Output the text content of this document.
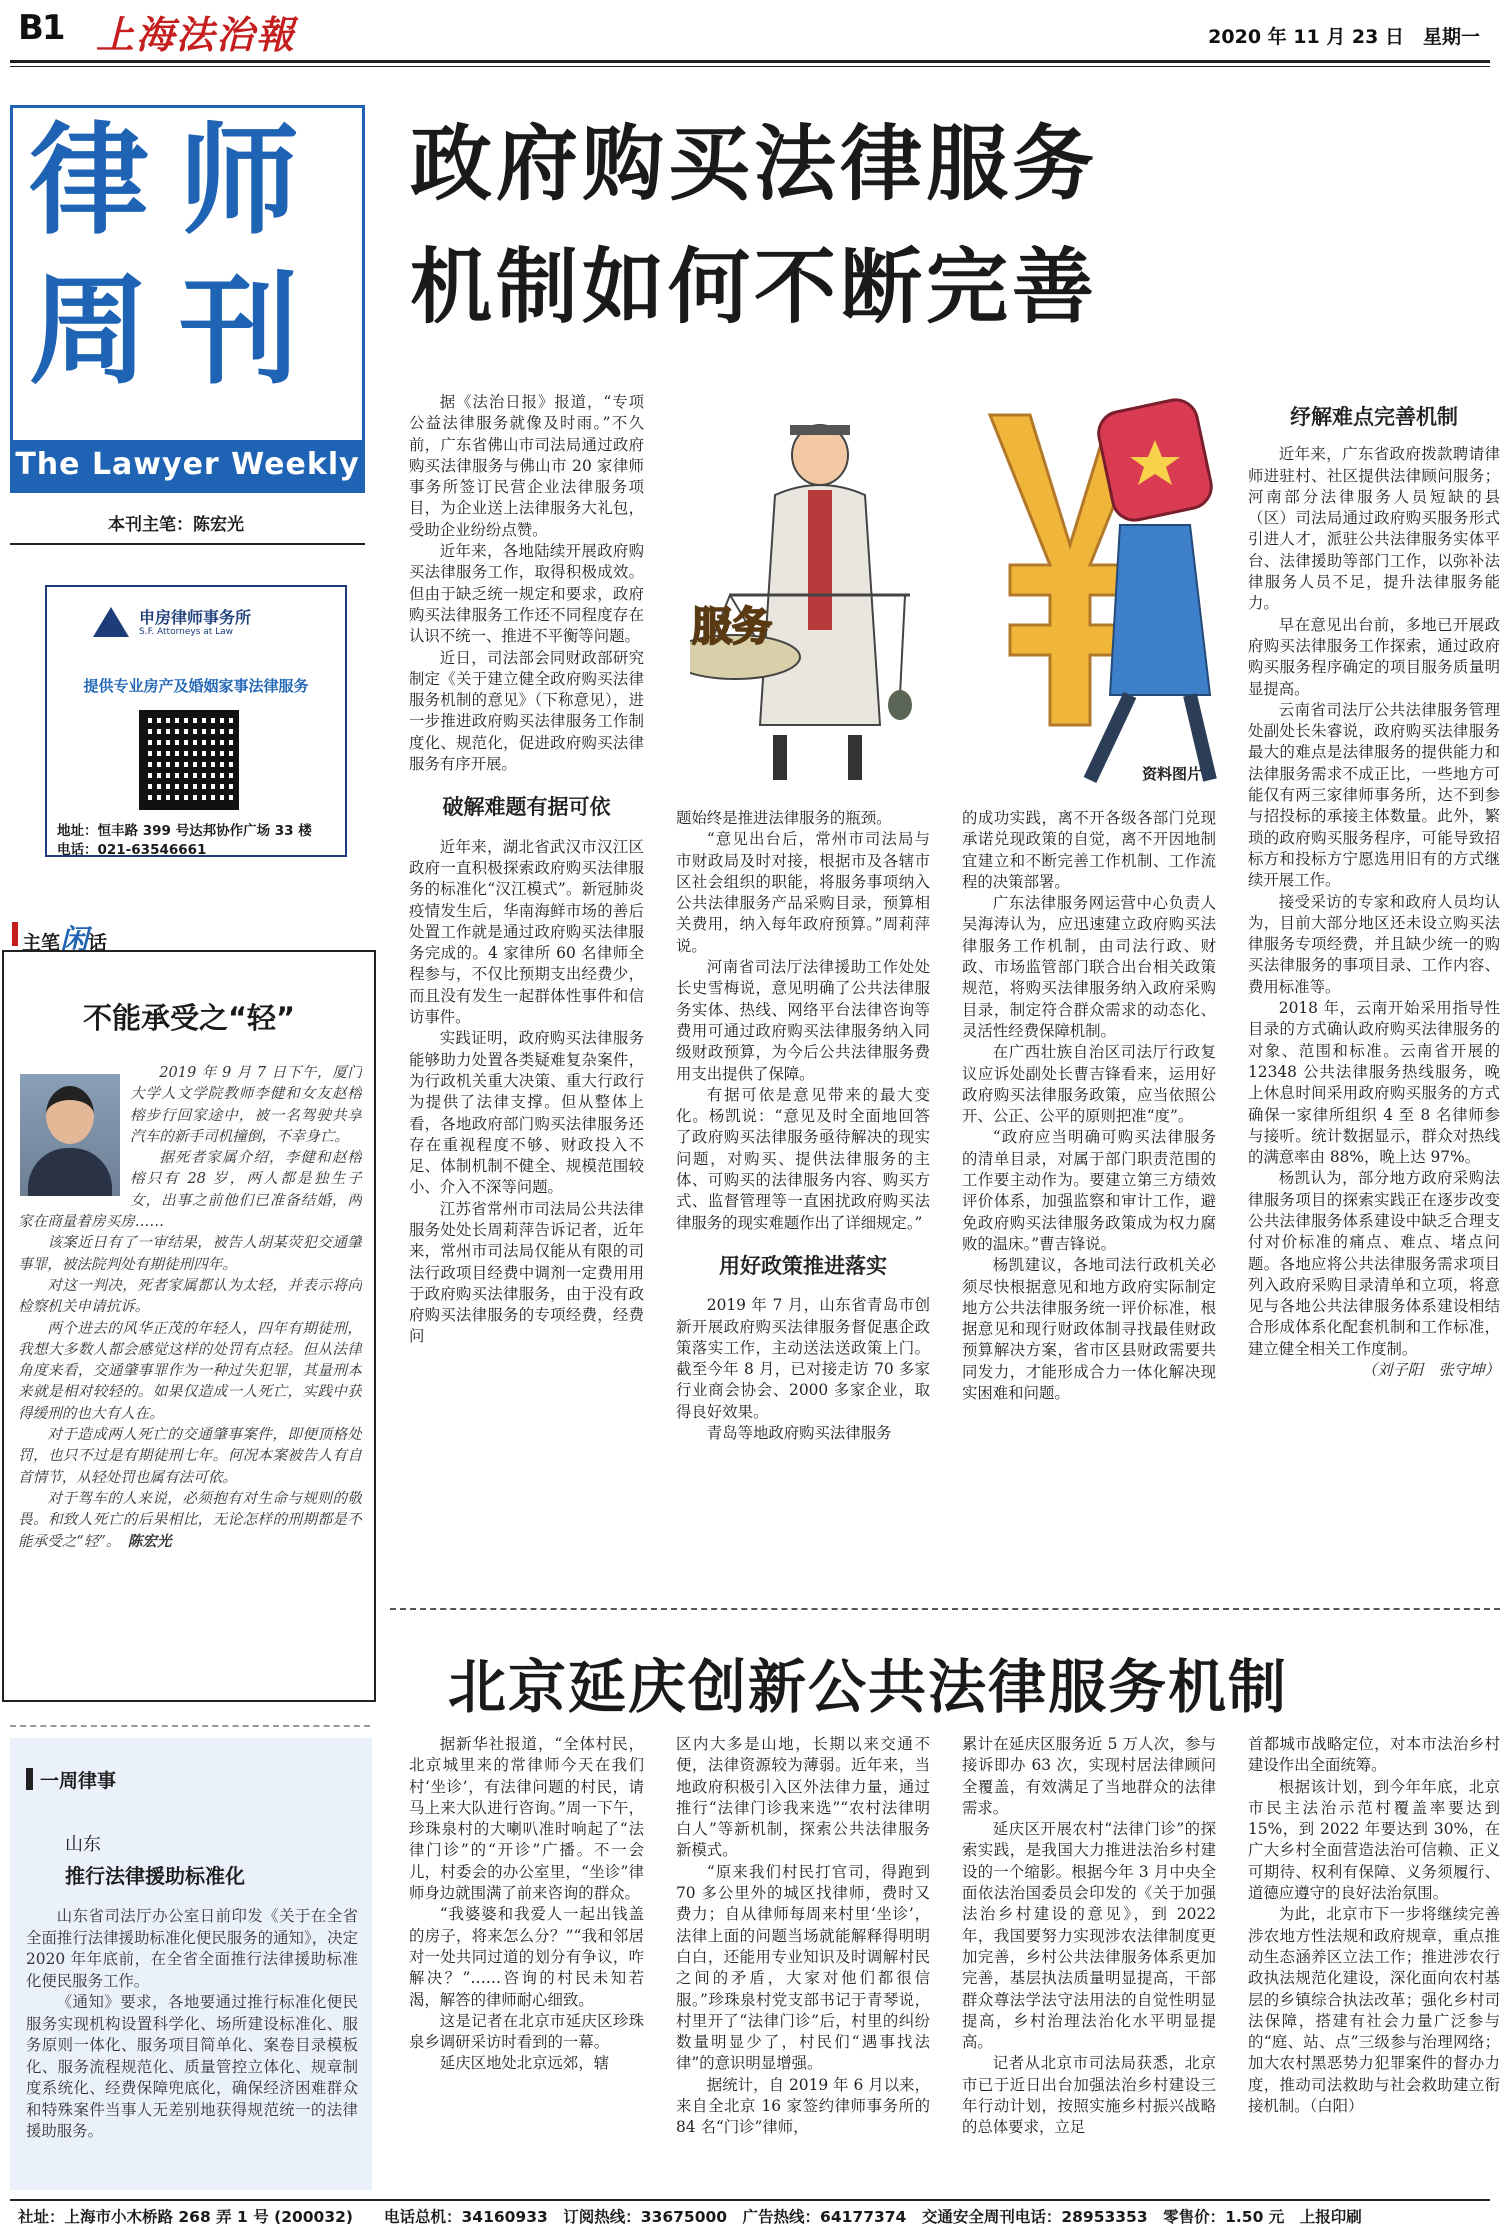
B1 上海法治報	2020 年 11 月 23 日　星期一
律师
周刊
The Lawyer Weekly
本刊主笔：陈宏光
申房律师事务所
S.F. Attorneys at Law
提供专业房产及婚姻家事法律服务
地址：恒丰路 399 号达邦协作广场 33 楼
电话：021-63546661
主笔闲话
不能承受之“轻”

2019 年 9 月 7 日下午，厦门大学人文学院教师李健和女友赵榕榕步行回家途中，被一名驾驶共享汽车的新手司机撞倒，不幸身亡。

据死者家属介绍，李健和赵榕榕只有 28 岁，两人都是独生子女，出事之前他们已准备结婚，两家在商量着房买房……

该案近日有了一审结果，被告人胡某荧犯交通肇事罪，被法院判处有期徒刑四年。

对这一判决，死者家属都认为太轻，并表示将向检察机关申请抗诉。

两个进去的风华正茂的年轻人，四年有期徒刑，我想大多数人都会感觉这样的处罚有点轻。但从法律角度来看，交通肇事罪作为一种过失犯罪，其量刑本来就是相对较轻的。如果仅造成一人死亡，实践中获得缓刑的也大有人在。

对于造成两人死亡的交通肇事案件，即便顶格处罚，也只不过是有期徒刑七年。何况本案被告人有自首情节，从轻处罚也属有法可依。

对于驾车的人来说，必须抱有对生命与规则的敬畏。和致人死亡的后果相比，无论怎样的刑期都是不能承受之“轻”。　 陈宏光

政府购买法律服务
机制如何不断完善
服务
资料图片

据《法治日报》报道，“专项公益法律服务就像及时雨。”不久前，广东省佛山市司法局通过政府购买法律服务与佛山市 20 家律师事务所签订民营企业法律服务项目，为企业送上法律服务大礼包，受助企业纷纷点赞。

近年来，各地陆续开展政府购买法律服务工作，取得积极成效。但由于缺乏统一规定和要求，政府购买法律服务工作还不同程度存在认识不统一、推进不平衡等问题。

近日，司法部会同财政部研究制定《关于建立健全政府购买法律服务机制的意见》（下称意见），进一步推进政府购买法律服务工作制度化、规范化，促进政府购买法律服务有序开展。

破解难题有据可依

近年来，湖北省武汉市汉江区政府一直积极探索政府购买法律服务的标准化“汉江模式”。新冠肺炎疫情发生后，华南海鲜市场的善后处置工作就是通过政府购买法律服务完成的。4 家律所 60 名律师全程参与，不仅比预期支出经费少，而且没有发生一起群体性事件和信访事件。

实践证明，政府购买法律服务能够助力处置各类疑难复杂案件，为行政机关重大决策、重大行政行为提供了法律支撑。但从整体上看，各地政府部门购买法律服务还存在重视程度不够、财政投入不足、体制机制不健全、规模范围较小、介入不深等问题。

江苏省常州市司法局公共法律服务处处长周莉萍告诉记者，近年来，常州市司法局仅能从有限的司法行政项目经费中调剂一定费用用于政府购买法律服务，由于没有政府购买法律服务的专项经费，经费问

题始终是推进法律服务的瓶颈。

“意见出台后，常州市司法局与市财政局及时对接，根据市及各辖市区社会组织的职能，将服务事项纳入公共法律服务产品采购目录，预算相关费用，纳入每年政府预算。”周莉萍说。

河南省司法厅法律援助工作处处长史雪梅说，意见明确了公共法律服务实体、热线、网络平台法律咨询等费用可通过政府购买法律服务纳入同级财政预算，为今后公共法律服务费用支出提供了保障。

有据可依是意见带来的最大变化。杨凯说：“意见及时全面地回答了政府购买法律服务亟待解决的现实问题，对购买、提供法律服务的主体、可购买的法律服务内容、购买方式、监督管理等一直困扰政府购买法律服务的现实难题作出了详细规定。”

用好政策推进落实

2019 年 7 月，山东省青岛市创新开展政府购买法律服务督促惠企政策落实工作，主动送法送政策上门。截至今年 8 月，已对接走访 70 多家行业商会协会、2000 多家企业，取得良好效果。

青岛等地政府购买法律服务

的成功实践，离不开各级各部门兑现承诺兑现政策的自觉，离不开因地制宜建立和不断完善工作机制、工作流程的决策部署。

广东法律服务网运营中心负责人吴海涛认为，应迅速建立政府购买法律服务工作机制，由司法行政、财政、市场监管部门联合出台相关政策规范，将购买法律服务纳入政府采购目录，制定符合群众需求的动态化、灵活性经费保障机制。

在广西壮族自治区司法厅行政复议应诉处副处长曹吉锋看来，运用好政府购买法律服务政策，应当依照公开、公正、公平的原则把准“度”。

“政府应当明确可购买法律服务的清单目录，对属于部门职责范围的工作要主动作为。要建立第三方绩效评价体系，加强监察和审计工作，避免政府购买法律服务政策成为权力腐败的温床。”曹吉锋说。

杨凯建议，各地司法行政机关必须尽快根据意见和地方政府实际制定地方公共法律服务统一评价标准，根据意见和现行财政体制寻找最佳财政预算解决方案，省市区县财政需要共同发力，才能形成合力一体化解决现实困难和问题。

纾解难点完善机制

近年来，广东省政府拨款聘请律师进驻村、社区提供法律顾问服务；河南部分法律服务人员短缺的县（区）司法局通过政府购买服务形式引进人才，派驻公共法律服务实体平台、法律援助等部门工作，以弥补法律服务人员不足，提升法律服务能力。

早在意见出台前，多地已开展政府购买法律服务工作探索，通过政府购买服务程序确定的项目服务质量明显提高。

云南省司法厅公共法律服务管理处副处长朱睿说，政府购买法律服务最大的难点是法律服务的提供能力和法律服务需求不成正比，一些地方可能仅有两三家律师事务所，达不到参与招投标的承接主体数量。此外，繁琐的政府购买服务程序，可能导致招标方和投标方宁愿选用旧有的方式继续开展工作。

接受采访的专家和政府人员均认为，目前大部分地区还未设立购买法律服务专项经费，并且缺少统一的购买法律服务的事项目录、工作内容、费用标准等。

2018 年，云南开始采用指导性目录的方式确认政府购买法律服务的对象、范围和标准。云南省开展的 12348 公共法律服务热线服务，晚上休息时间采用政府购买服务的方式确保一家律所组织 4 至 8 名律师参与接听。统计数据显示，群众对热线的满意率由 88%，晚上达 97%。

杨凯认为，部分地方政府采购法律服务项目的探索实践正在逐步改变公共法律服务体系建设中缺乏合理支付对价标准的痛点、难点、堵点问题。各地应将公共法律服务需求项目列入政府采购目录清单和立项，将意见与各地公共法律服务体系建设相结合形成体系化配套机制和工作标准，建立健全相关工作度制。

（刘子阳　张守坤）

北京延庆创新公共法律服务机制

据新华社报道，“全体村民，北京城里来的常律师今天在我们村‘坐诊’，有法律问题的村民，请马上来大队进行咨询。”周一下午，珍珠泉村的大喇叭准时响起了“法律门诊”的“开诊”广播。不一会儿，村委会的办公室里，“坐诊”律师身边就围满了前来咨询的群众。

“我婆婆和我爱人一起出钱盖的房子，将来怎么分？”“我和邻居对一处共同过道的划分有争议，咋解决？”……咨询的村民未知若渴，解答的律师耐心细致。

这是记者在北京市延庆区珍珠泉乡调研采访时看到的一幕。

延庆区地处北京远郊，辖

区内大多是山地，长期以来交通不便，法律资源较为薄弱。近年来，当地政府积极引入区外法律力量，通过推行“法律门诊我来选”“农村法律明白人”等新机制，探索公共法律服务新模式。

“原来我们村民打官司，得跑到 70 多公里外的城区找律师，费时又费力；自从律师每周来村里‘坐诊’，法律上面的问题当场就能解释得明明白白，还能用专业知识及时调解村民之间的矛盾，大家对他们都很信服。”珍珠泉村党支部书记于青琴说，村里开了“法律门诊”后，村里的纠纷数量明显少了，村民们“遇事找法律”的意识明显增强。

据统计，自 2019 年 6 月以来，来自全北京 16 家签约律师事务所的 84 名“门诊”律师，

累计在延庆区服务近 5 万人次，参与接诉即办 63 次，实现村居法律顾问全覆盖，有效满足了当地群众的法律需求。

延庆区开展农村“法律门诊”的探索实践，是我国大力推进法治乡村建设的一个缩影。根据今年 3 月中央全面依法治国委员会印发的《关于加强法治乡村建设的意见》，到 2022 年，我国要努力实现涉农法律制度更加完善，乡村公共法律服务体系更加完善，基层执法质量明显提高，干部群众尊法学法守法用法的自觉性明显提高，乡村治理法治化水平明显提高。

记者从北京市司法局获悉，北京市已于近日出台加强法治乡村建设三年行动计划，按照实施乡村振兴战略的总体要求，立足

首都城市战略定位，对本市法治乡村建设作出全面统筹。

根据该计划，到今年年底，北京市民主法治示范村覆盖率要达到 15%，到 2022 年要达到 30%，在广大乡村全面营造法治可信赖、正义可期待、权利有保障、义务须履行、道德应遵守的良好法治氛围。

为此，北京市下一步将继续完善涉农地方性法规和政府规章，重点推动生态涵养区立法工作；推进涉农行政执法规范化建设，深化面向农村基层的乡镇综合执法改革；强化乡村司法保障，搭建有社会力量广泛参与的“庭、站、点”三级参与治理网络；加大农村黑恶势力犯罪案件的督办力度，推动司法救助与社会救助建立衔接机制。（白阳）

一周律事
山东
推行法律援助标准化

山东省司法厅办公室日前印发《关于在全省全面推行法律援助标准化便民服务的通知》，决定 2020 年年底前，在全省全面推行法律援助标准化便民服务工作。

《通知》要求，各地要通过推行标准化便民服务实现机构设置科学化、场所建设标准化、服务原则一体化、服务项目简单化、案卷目录模板化、服务流程规范化、质量管控立体化、规章制度系统化、经费保障兜底化，确保经济困难群众和特殊案件当事人无差别地获得规范统一的法律援助服务。

社址：上海市小木桥路 268 弄 1 号 (200032)　　电话总机：34160933　订阅热线：33675000　广告热线：64177374　交通安全周刊电话：28953353　零售价：1.50 元　上报印刷
